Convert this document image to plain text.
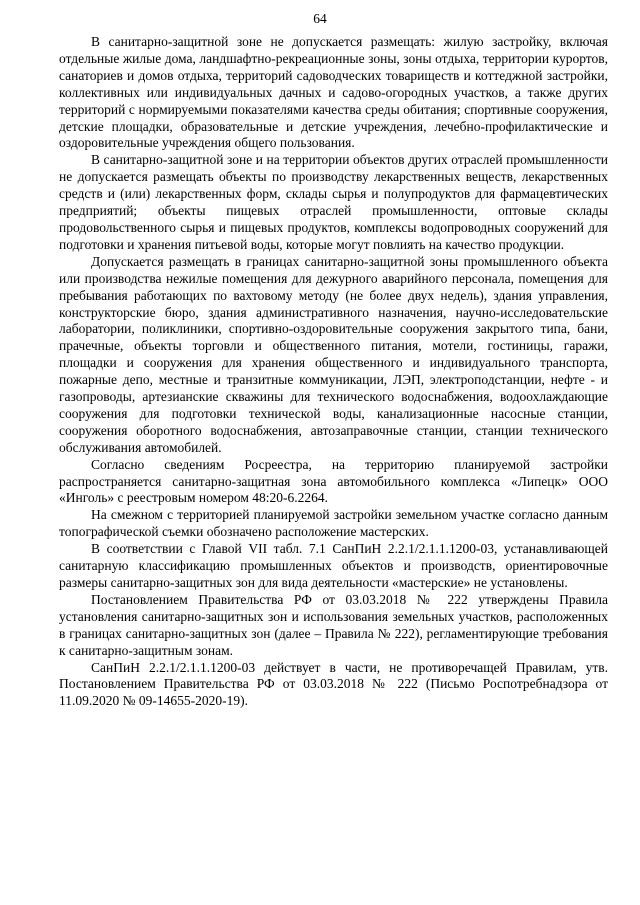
64

В санитарно-защитной зоне не допускается размещать: жилую застройку, включая отдельные жилые дома, ландшафтно-рекреационные зоны, зоны отдыха, территории курортов, санаториев и домов отдыха, территорий садоводческих товариществ и коттеджной застройки, коллективных или индивидуальных дачных и садово-огородных участков, а также других территорий с нормируемыми показателями качества среды обитания; спортивные сооружения, детские площадки, образовательные и детские учреждения, лечебно-профилактические и оздоровительные учреждения общего пользования.

В санитарно-защитной зоне и на территории объектов других отраслей промышленности не допускается размещать объекты по производству лекарственных веществ, лекарственных средств и (или) лекарственных форм, склады сырья и полупродуктов для фармацевтических предприятий; объекты пищевых отраслей промышленности, оптовые склады продовольственного сырья и пищевых продуктов, комплексы водопроводных сооружений для подготовки и хранения питьевой воды, которые могут повлиять на качество продукции.

Допускается размещать в границах санитарно-защитной зоны промышленного объекта или производства нежилые помещения для дежурного аварийного персонала, помещения для пребывания работающих по вахтовому методу (не более двух недель), здания управления, конструкторские бюро, здания административного назначения, научно-исследовательские лаборатории, поликлиники, спортивно-оздоровительные сооружения закрытого типа, бани, прачечные, объекты торговли и общественного питания, мотели, гостиницы, гаражи, площадки и сооружения для хранения общественного и индивидуального транспорта, пожарные депо, местные и транзитные коммуникации, ЛЭП, электроподстанции, нефте - и газопроводы, артезианские скважины для технического водоснабжения, водоохлаждающие сооружения для подготовки технической воды, канализационные насосные станции, сооружения оборотного водоснабжения, автозаправочные станции, станции технического обслуживания автомобилей.

Согласно сведениям Росреестра, на территорию планируемой застройки распространяется санитарно-защитная зона автомобильного комплекса «Липецк» ООО «Инголь» с реестровым номером 48:20-6.2264.

На смежном с территорией планируемой застройки земельном участке согласно данным топографической съемки обозначено расположение мастерских.

В соответствии с Главой VII табл. 7.1 СанПиН 2.2.1/2.1.1.1200-03, устанавливающей санитарную классификацию промышленных объектов и производств, ориентировочные размеры санитарно-защитных зон для вида деятельности «мастерские» не установлены.

Постановлением Правительства РФ от 03.03.2018 № 222 утверждены Правила установления санитарно-защитных зон и использования земельных участков, расположенных в границах санитарно-защитных зон (далее – Правила № 222), регламентирующие требования к санитарно-защитным зонам.

СанПиН 2.2.1/2.1.1.1200-03 действует в части, не противоречащей Правилам, утв. Постановлением Правительства РФ от 03.03.2018 № 222 (Письмо Роспотребнадзора от 11.09.2020 № 09-14655-2020-19).
